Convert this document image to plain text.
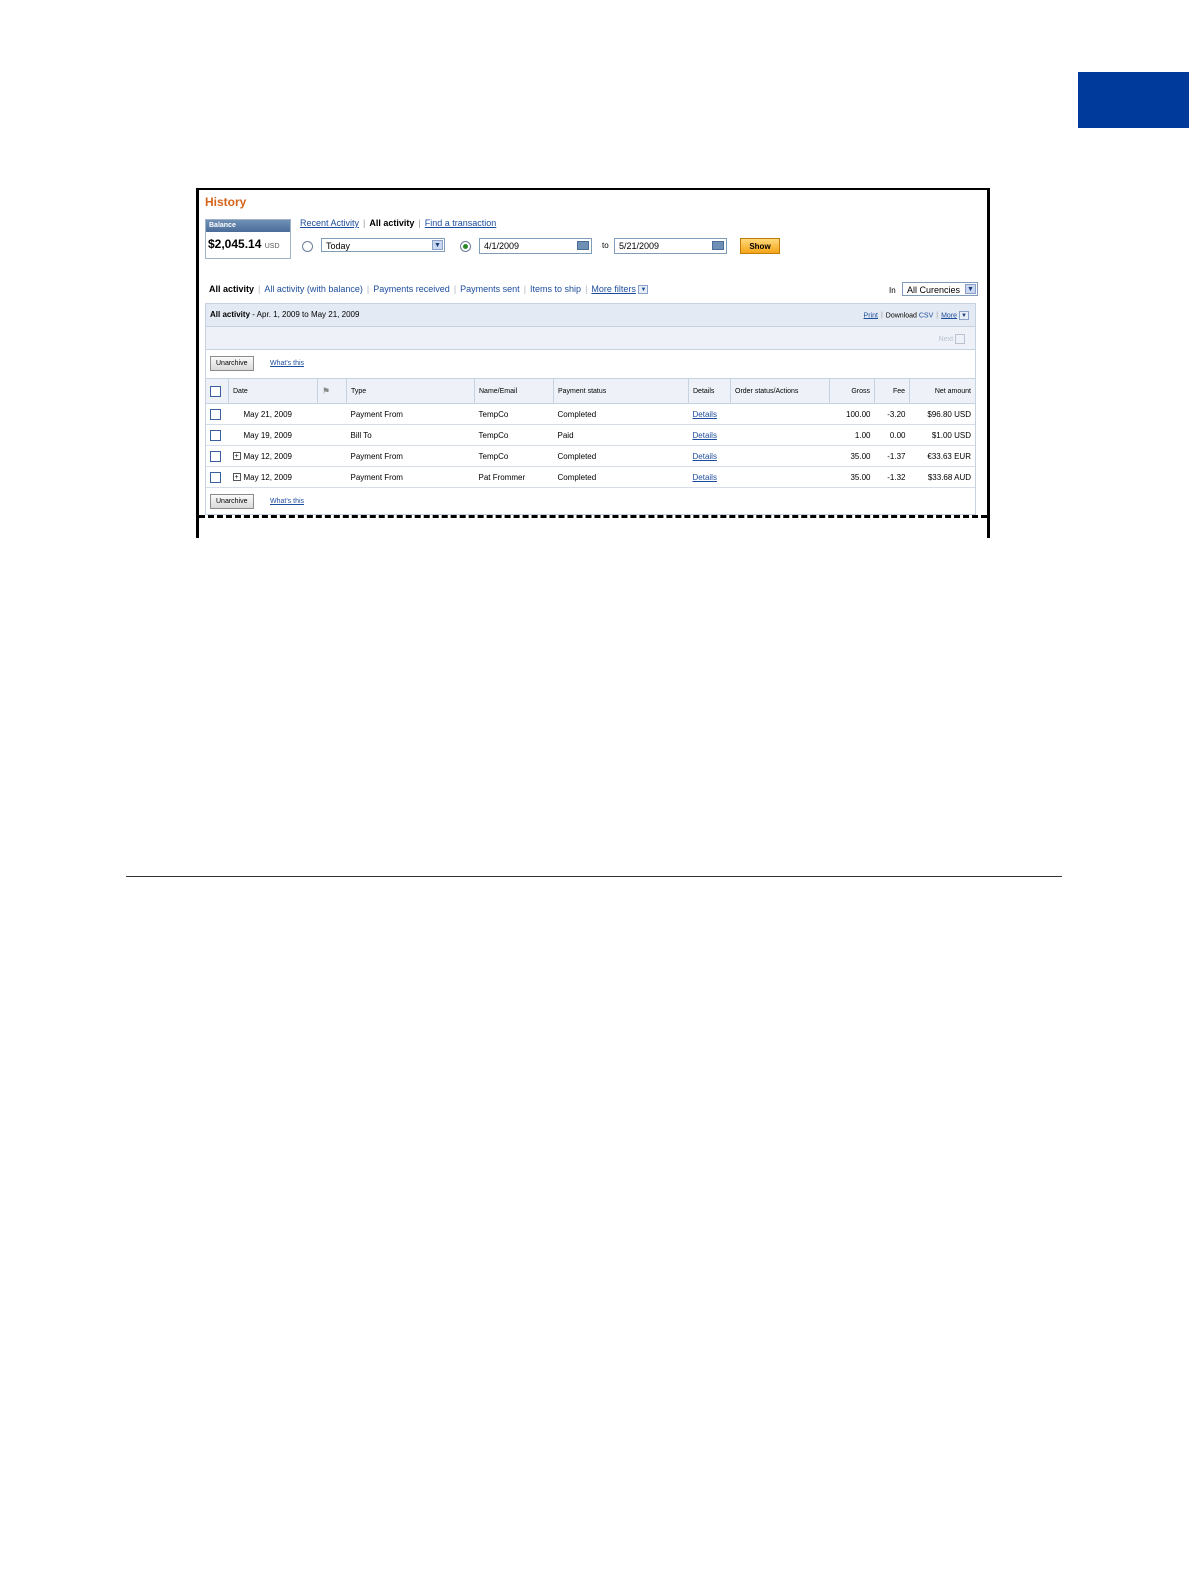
History
Balance
$2,045.14 USD
Recent Activity | All activity | Find a transaction
Today	▼	4/1/2009	to	5/21/2009	Show
All activity | All activity (with balance) | Payments received | Payments sent | Items to ship | More filters ▼	In	All Curencies ▼
All activity - Apr. 1, 2009 to May 21, 2009	Print | Download CSV | More ▼
Next
Unarchive	What's this
	Date	⚑	Type	Name/Email	Payment status	Details	Order status/Actions	Gross	Fee	Net amount
	May 21, 2009		Payment From	TempCo	Completed	Details		100.00	-3.20	$96.80 USD
	May 19, 2009		Bill To	TempCo	Paid	Details		1.00	0.00	$1.00 USD
	+ May 12, 2009		Payment From	TempCo	Completed	Details		35.00	-1.37	€33.63 EUR
	+ May 12, 2009		Payment From	Pat Frommer	Completed	Details		35.00	-1.32	$33.68 AUD
Unarchive	What's this
